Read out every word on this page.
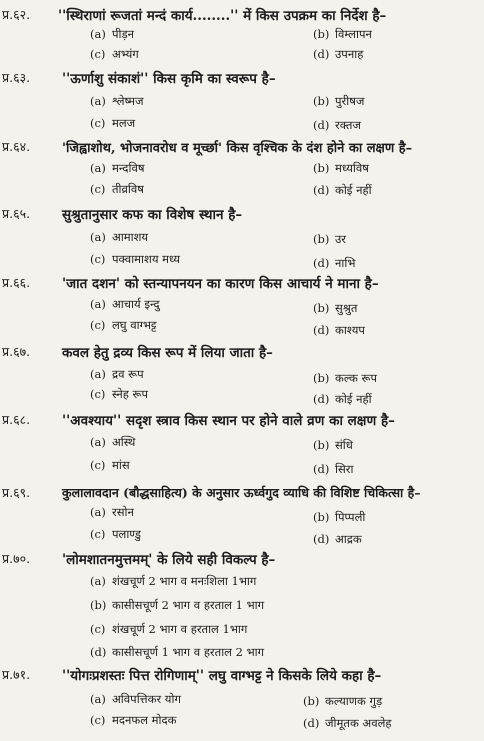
प्र.६२. ''स्थिराणां रूजतां मन्दं कार्य........'' में किस उपक्रम का निर्देश है–
(a) पीड़न	(b) विम्लापन
(c) अभ्यंग	(d) उपनाह
प्र.६३. ''ऊर्णाशु संकाशं'' किस कृमि का स्वरूप है–
(a) श्लेष्मज	(b) पुरीषज
(c) मलज	(d) रक्तज
प्र.६४. 'जिह्वाशोथ, भोजनावरोध व मूर्च्छा' किस वृश्चिक के दंश होने का लक्षण है–
(a) मन्दविष	(b) मध्यविष
(c) तीव्रविष	(d) कोई नहीं
प्र.६५. सुश्रुतानुसार कफ का विशेष स्थान है–
(a) आमाशय	(b) उर
(c) पक्वामाशय मध्य	(d) नाभि
प्र.६६. 'जात दशन' को स्तन्यापनयन का कारण किस आचार्य ने माना है–
(a) आचार्य इन्दु	(b) सुश्रुत
(c) लघु वाग्भट्ट	(d) काश्यप
प्र.६७. कवल हेतु द्रव्य किस रूप में लिया जाता है–
(a) द्रव रूप	(b) कल्क रूप
(c) स्नेह रूप	(d) कोई नहीं
प्र.६८. ''अवश्याय'' सदृश स्त्राव किस स्थान पर होने वाले व्रण का लक्षण है–
(a) अस्थि	(b) संधि
(c) मांस	(d) सिरा
प्र.६९.	कुलालावदान (बौद्धसाहित्य) के अनुसार ऊर्ध्वगुद व्याधि की विशिष्ट चिकित्सा है–
(a) रसोन	(b) पिप्पली
(c) पलाण्डु	(d) आद्रक
प्र.७०. 'लोमशातनमुत्तमम्' के लिये सही विकल्प है–
(a) शंखचूर्ण 2 भाग व मनःशिला 1भाग
(b) कासीसचूर्ण 2 भाग व हरताल 1 भाग
(c) शंखचूर्ण 2 भाग व हरताल 1भाग
(d) कासीसचूर्ण 1 भाग व हरताल 2 भाग
प्र.७१. ''योगःप्रशस्तः पित्त रोगिणाम्'' लघु वाग्भट्ट ने किसके लिये कहा है–
(a) अविपत्तिकर योग	(b) कल्याणक गुड़
(c) मदनफल मोदक	(d) जीमूतक अवलेह
